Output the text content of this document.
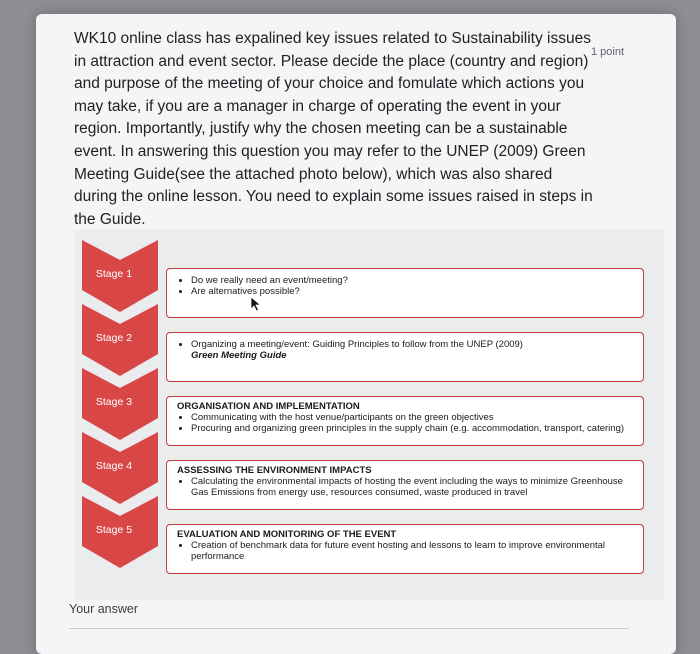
WK10 online class has expalined key issues related to Sustainability issues in attraction and event sector. Please decide the place (country and region) and purpose of the meeting of your choice and fomulate which actions you may take, if you are a manager in charge of operating the event in your region. Importantly, justify why the chosen meeting can be a sustainable event. In answering this question you may refer to the UNEP (2009) Green Meeting Guide(see the attached photo below), which was also shared during the online lesson. You need to explain some issues raised in steps in the Guide.

1 point
Stage 1
• Do we really need an event/meeting?
• Are alternatives possible?
Stage 2
• Organizing a meeting/event: Guiding Principles to follow from the UNEP (2009)
Green Meeting Guide
Stage 3	ORGANISATION AND IMPLEMENTATION
• Communicating with the host venue/participants on the green objectives
• Procuring and organizing green principles in the supply chain (e.g. accommodation, transport, catering)
Stage 4	ASSESSING THE ENVIRONMENT IMPACTS
• Calculating the environmental impacts of hosting the event including the ways to minimize Greenhouse Gas Emissions from energy use, resources consumed, waste produced in travel
Stage 5	EVALUATION AND MONITORING OF THE EVENT
• Creation of benchmark data for future event hosting and lessons to learn to improve environmental performance
Your answer
